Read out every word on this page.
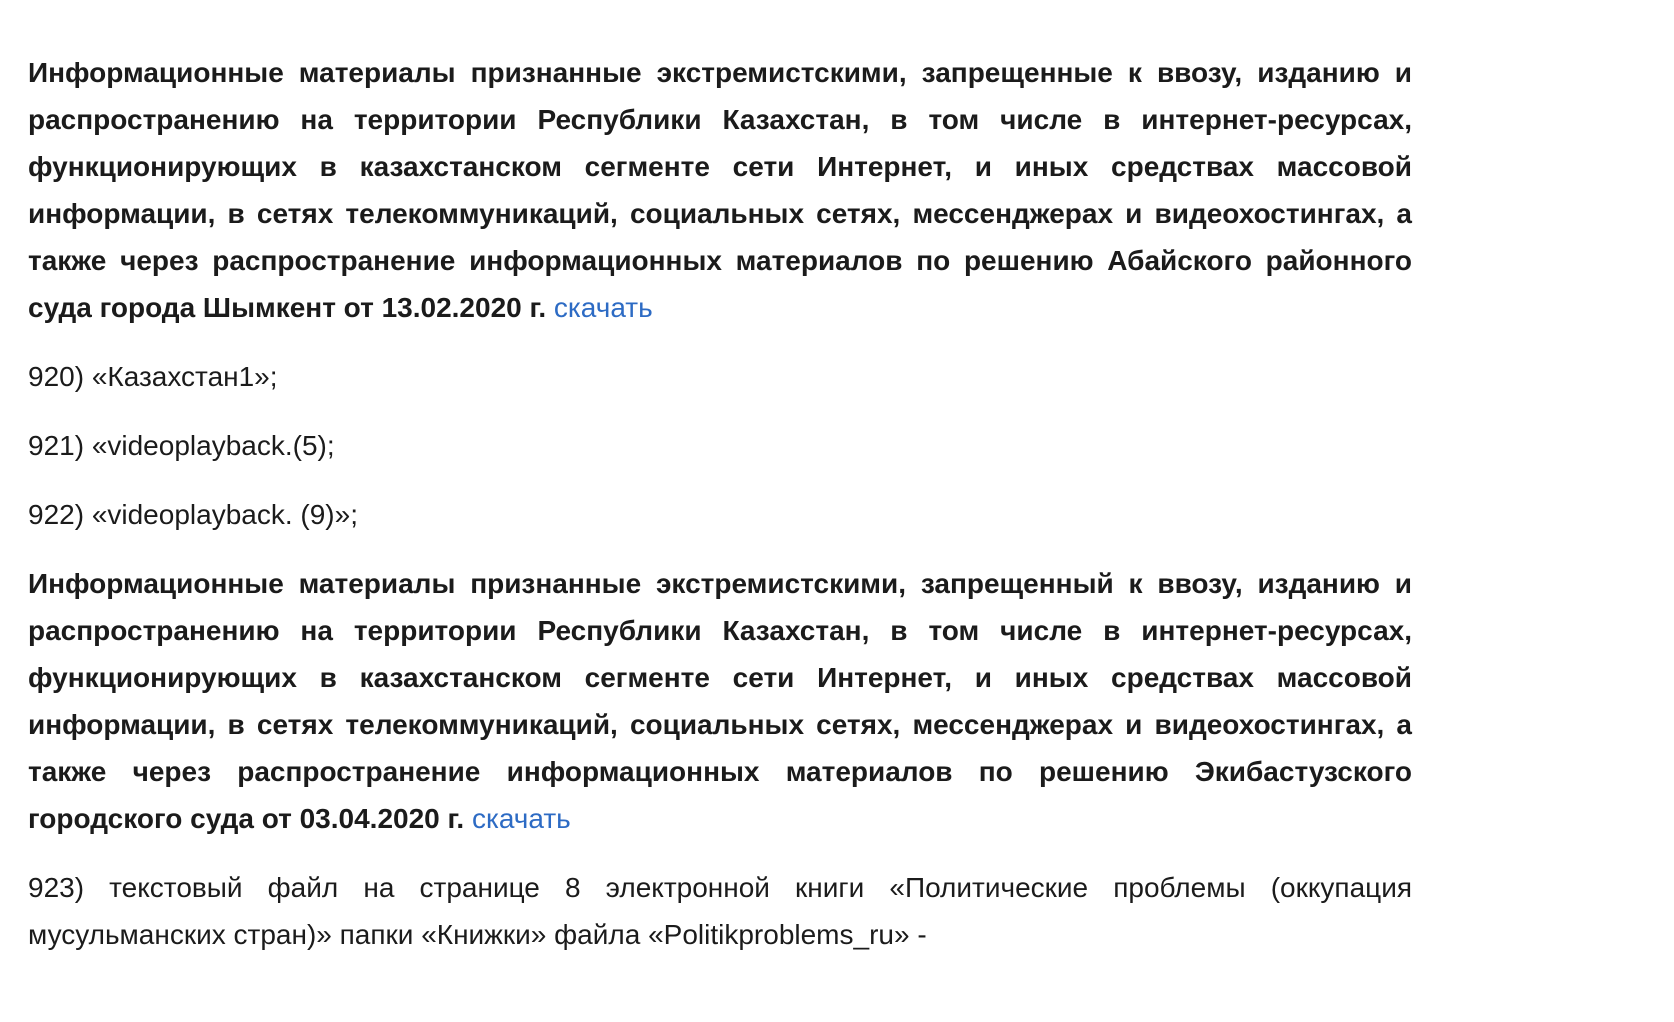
Информационные материалы признанные экстремистскими, запрещенные к ввозу, изданию и распространению на территории Республики Казахстан, в том числе в интернет-ресурсах, функционирующих в казахстанском сегменте сети Интернет, и иных средствах массовой информации, в сетях телекоммуникаций, социальных сетях, мессенджерах и видеохостингах, а также через распространение информационных материалов по решению Абайского районного суда города Шымкент от 13.02.2020 г. скачать

920) «Казахстан1»;

921) «videoplayback.(5);

922) «videoplayback. (9)»;

Информационные материалы признанные экстремистскими, запрещенный к ввозу, изданию и распространению на территории Республики Казахстан, в том числе в интернет-ресурсах, функционирующих в казахстанском сегменте сети Интернет, и иных средствах массовой информации, в сетях телекоммуникаций, социальных сетях, мессенджерах и видеохостингах, а также через распространение информационных материалов по решению Экибастузского городского суда от 03.04.2020 г. скачать

923) текстовый файл на странице 8 электронной книги «Политические проблемы (оккупация мусульманских стран)» папки «Книжки» файла «Politikproblems_ru» -
